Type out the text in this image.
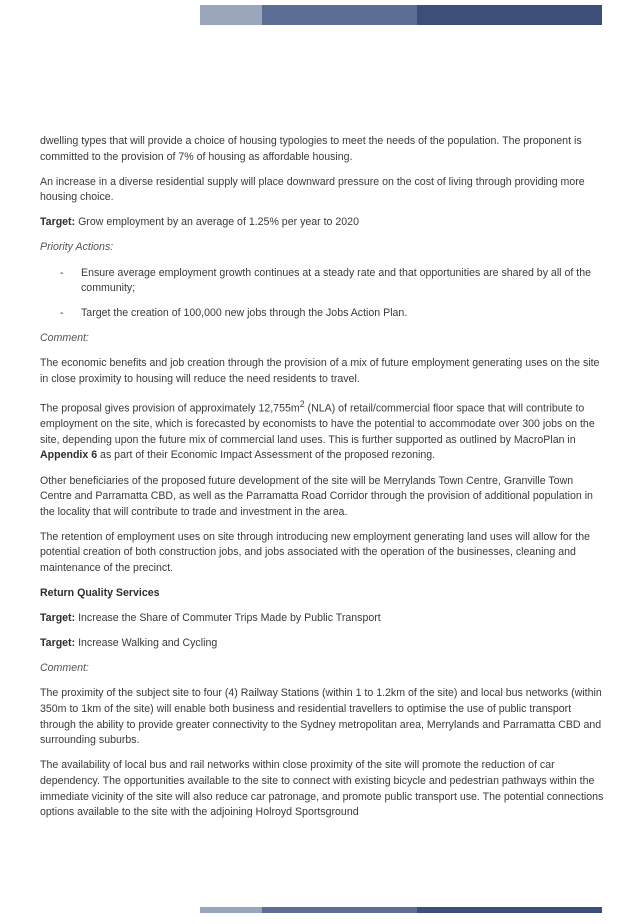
dwelling types that will provide a choice of housing typologies to meet the needs of the population. The proponent is committed to the provision of 7% of housing as affordable housing.

An increase in a diverse residential supply will place downward pressure on the cost of living through providing more housing choice.

Target: Grow employment by an average of 1.25% per year to 2020

Priority Actions:

- Ensure average employment growth continues at a steady rate and that opportunities are shared by all of the community;
- Target the creation of 100,000 new jobs through the Jobs Action Plan.

Comment:

The economic benefits and job creation through the provision of a mix of future employment generating uses on the site in close proximity to housing will reduce the need residents to travel.

The proposal gives provision of approximately $12,755m^2$ (NLA) of retail/commercial floor space that will contribute to employment on the site, which is forecasted by economists to have the potential to accommodate over 300 jobs on the site, depending upon the future mix of commercial land uses. This is further supported as outlined by MacroPlan in Appendix 6 as part of their Economic Impact Assessment of the proposed rezoning.

Other beneficiaries of the proposed future development of the site will be Merrylands Town Centre, Granville Town Centre and Parramatta CBD, as well as the Parramatta Road Corridor through the provision of additional population in the locality that will contribute to trade and investment in the area.

The retention of employment uses on site through introducing new employment generating land uses will allow for the potential creation of both construction jobs, and jobs associated with the operation of the businesses, cleaning and maintenance of the precinct.

Return Quality Services

Target: Increase the Share of Commuter Trips Made by Public Transport

Target: Increase Walking and Cycling

Comment:

The proximity of the subject site to four (4) Railway Stations (within 1 to 1.2km of the site) and local bus networks (within 350m to 1km of the site) will enable both business and residential travellers to optimise the use of public transport through the ability to provide greater connectivity to the Sydney metropolitan area, Merrylands and Parramatta CBD and surrounding suburbs.

The availability of local bus and rail networks within close proximity of the site will promote the reduction of car dependency. The opportunities available to the site to connect with existing bicycle and pedestrian pathways within the immediate vicinity of the site will also reduce car patronage, and promote public transport use. The potential connections options available to the site with the adjoining Holroyd Sportsground
